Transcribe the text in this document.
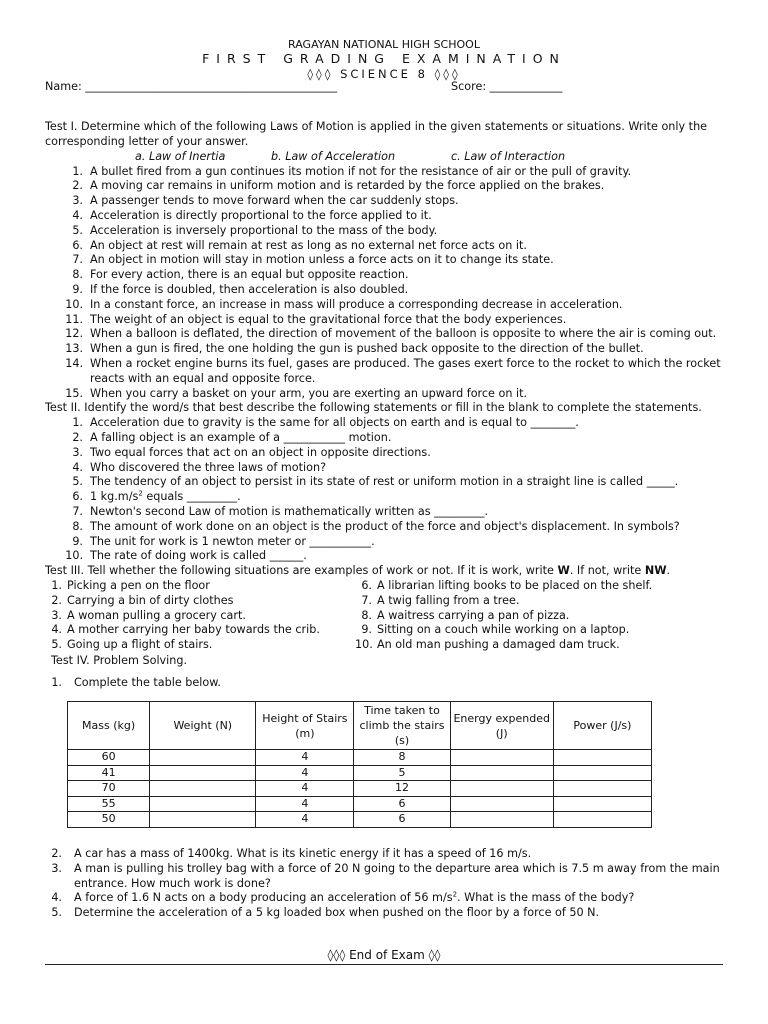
RAGAYAN NATIONAL HIGH SCHOOL
FIRST GRADING EXAMINATION
◊◊◊ SCIENCE 8 ◊◊◊
Name: _____________________________________________	Score: _____________

Test I. Determine which of the following Laws of Motion is applied in the given statements or situations. Write only the corresponding letter of your answer.

a. Law of Inertia	b. Law of Acceleration	c. Law of Interaction
1. A bullet fired from a gun continues its motion if not for the resistance of air or the pull of gravity.
2. A moving car remains in uniform motion and is retarded by the force applied on the brakes.
3. A passenger tends to move forward when the car suddenly stops.
4. Acceleration is directly proportional to the force applied to it.
5. Acceleration is inversely proportional to the mass of the body.
6. An object at rest will remain at rest as long as no external net force acts on it.
7. An object in motion will stay in motion unless a force acts on it to change its state.
8. For every action, there is an equal but opposite reaction.
9. If the force is doubled, then acceleration is also doubled.
10. In a constant force, an increase in mass will produce a corresponding decrease in acceleration.
11. The weight of an object is equal to the gravitational force that the body experiences.
12. When a balloon is deflated, the direction of movement of the balloon is opposite to where the air is coming out.
13. When a gun is fired, the one holding the gun is pushed back opposite to the direction of the bullet.
14. When a rocket engine burns its fuel, gases are produced. The gases exert force to the rocket to which the rocket reacts with an equal and opposite force.
15. When you carry a basket on your arm, you are exerting an upward force on it.

Test II. Identify the word/s that best describe the following statements or fill in the blank to complete the statements.

1. Acceleration due to gravity is the same for all objects on earth and is equal to ________.
2. A falling object is an example of a ___________ motion.
3. Two equal forces that act on an object in opposite directions.
4. Who discovered the three laws of motion?
5. The tendency of an object to persist in its state of rest or uniform motion in a straight line is called _____.
6. 1 $kg.m/s^2$ equals _________.
7. Newton's second Law of motion is mathematically written as _________.
8. The amount of work done on an object is the product of the force and object's displacement. In symbols?
9. The unit for work is 1 newton meter or ___________.
10. The rate of doing work is called ______.

Test III. Tell whether the following situations are examples of work or not. If it is work, write W. If not, write NW.

1. Picking a pen on the floor
2. Carrying a bin of dirty clothes
3. A woman pulling a grocery cart.
4. A mother carrying her baby towards the crib.
5. Going up a flight of stairs.
6. A librarian lifting books to be placed on the shelf.
7. A twig falling from a tree.
8. A waitress carrying a pan of pizza.
9. Sitting on a couch while working on a laptop.
10. An old man pushing a damaged dam truck.

Test IV. Problem Solving.

1. Complete the table below.
Mass (kg)	Weight (N)	Height of Stairs (m)	Time taken to climb the stairs (s)	Energy expended (J)	Power (J/s)
60		4	8		
41		4	5		
70		4	12		
55		4	6		
50		4	6		
2. A car has a mass of 1400kg. What is its kinetic energy if it has a speed of 16 m/s.
3. A man is pulling his trolley bag with a force of 20 N going to the departure area which is 7.5 m away from the main entrance. How much work is done?
4. A force of 1.6 N acts on a body producing an acceleration of 56 $m/s^2$. What is the mass of the body?
5. Determine the acceleration of a 5 kg loaded box when pushed on the floor by a force of 50 N.
◊◊◊ End of Exam ◊◊
